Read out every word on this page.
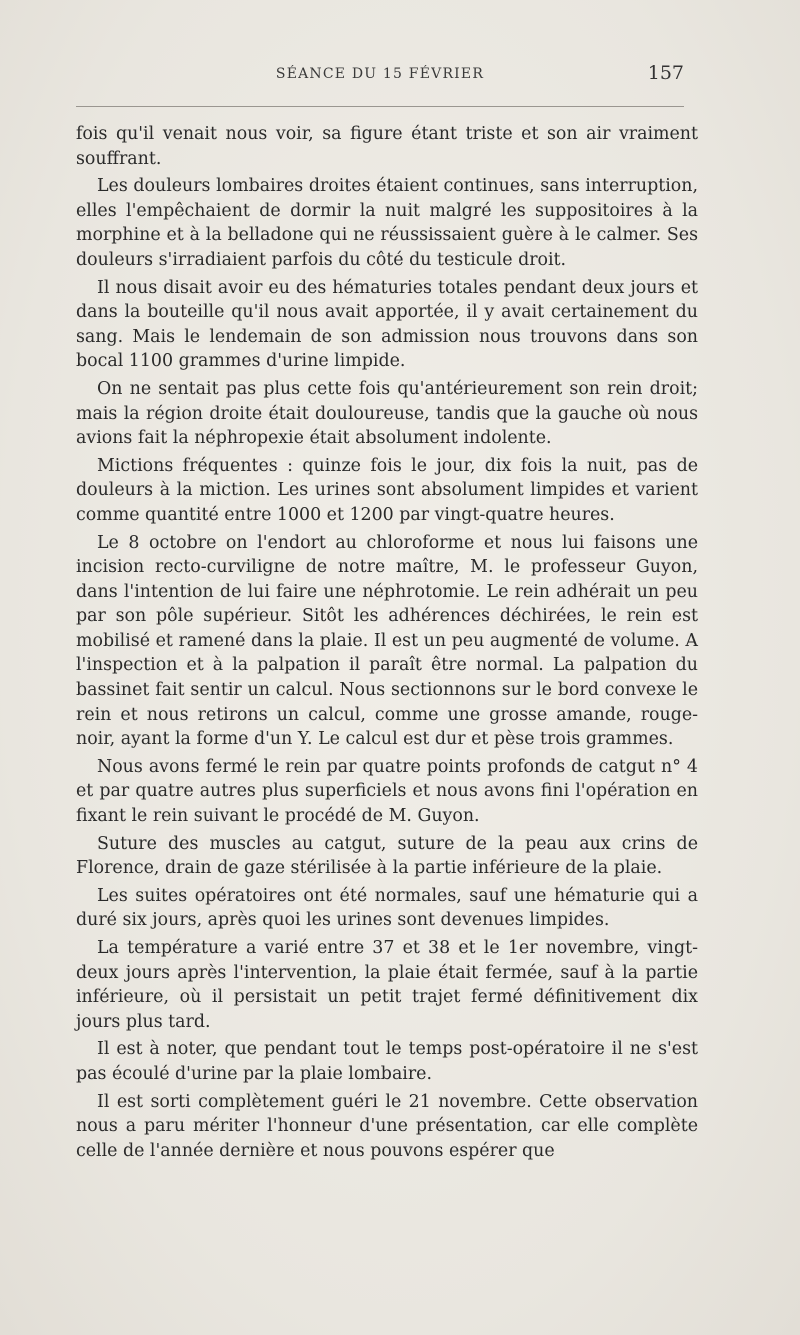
SÉANCE DU 15 FÉVRIER	157

fois qu'il venait nous voir, sa figure étant triste et son air vraiment souffrant.

Les douleurs lombaires droites étaient continues, sans interruption, elles l'empêchaient de dormir la nuit malgré les suppositoires à la morphine et à la belladone qui ne réussissaient guère à le calmer. Ses douleurs s'irradiaient parfois du côté du testicule droit.

Il nous disait avoir eu des hématuries totales pendant deux jours et dans la bouteille qu'il nous avait apportée, il y avait certainement du sang. Mais le lendemain de son admission nous trouvons dans son bocal 1100 grammes d'urine limpide.

On ne sentait pas plus cette fois qu'antérieurement son rein droit; mais la région droite était douloureuse, tandis que la gauche où nous avions fait la néphropexie était absolument indolente.

Mictions fréquentes : quinze fois le jour, dix fois la nuit, pas de douleurs à la miction. Les urines sont absolument limpides et varient comme quantité entre 1000 et 1200 par vingt-quatre heures.

Le 8 octobre on l'endort au chloroforme et nous lui faisons une incision recto-curviligne de notre maître, M. le professeur Guyon, dans l'intention de lui faire une néphrotomie. Le rein adhérait un peu par son pôle supérieur. Sitôt les adhérences déchirées, le rein est mobilisé et ramené dans la plaie. Il est un peu augmenté de volume. A l'inspection et à la palpation il paraît être normal. La palpation du bassinet fait sentir un calcul. Nous sectionnons sur le bord convexe le rein et nous retirons un calcul, comme une grosse amande, rouge-noir, ayant la forme d'un Y. Le calcul est dur et pèse trois grammes.

Nous avons fermé le rein par quatre points profonds de catgut n° 4 et par quatre autres plus superficiels et nous avons fini l'opération en fixant le rein suivant le procédé de M. Guyon.

Suture des muscles au catgut, suture de la peau aux crins de Florence, drain de gaze stérilisée à la partie inférieure de la plaie.

Les suites opératoires ont été normales, sauf une hématurie qui a duré six jours, après quoi les urines sont devenues limpides.

La température a varié entre 37 et 38 et le 1er novembre, vingt-deux jours après l'intervention, la plaie était fermée, sauf à la partie inférieure, où il persistait un petit trajet fermé définitivement dix jours plus tard.

Il est à noter, que pendant tout le temps post-opératoire il ne s'est pas écoulé d'urine par la plaie lombaire.

Il est sorti complètement guéri le 21 novembre. Cette observation nous a paru mériter l'honneur d'une présentation, car elle complète celle de l'année dernière et nous pouvons espérer que
